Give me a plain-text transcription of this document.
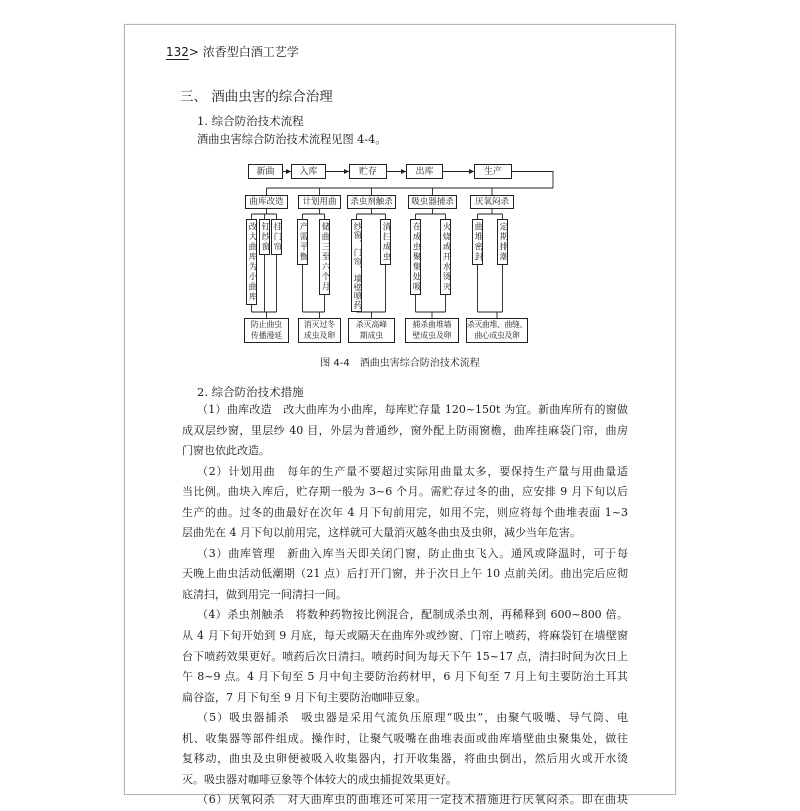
132> 浓香型白酒工艺学
三、 酒曲虫害的综合治理
1. 综合防治技术流程
酒曲虫害综合防治技术流程见图 4-4。
新曲	入库	贮存	出库	生产
曲库改造	计划用曲	杀虫剂触杀	吸虫器捕杀	厌氧闷杀
改大曲库为小曲库 钉纱窗 挂门帘 产需平衡 储曲三至六个月	纱窗、门帘、墙壁喷药 清扫成虫 在成虫聚集处吸 火烧或开水烫灭	曲堆密封 定期排潮
防止曲虫
传播漫延
消灭过冬
成虫及卵
杀灭高峰
期成虫
捕杀曲堆墙
壁成虫及卵
杀灭曲堆、曲缝、
曲心成虫及卵
图 4-4　酒曲虫害综合防治技术流程
2. 综合防治技术措施
（1）曲库改造　改大曲库为小曲库，每库贮存量 120~150t 为宜。新曲库所有的窗做
成双层纱窗，里层纱 40 目，外层为普通纱，窗外配上防雨窗檐，曲库挂麻袋门帘，曲房
门窗也依此改造。
（2）计划用曲　每年的生产量不要超过实际用曲量太多，要保持生产量与用曲量适
当比例。曲块入库后，贮存期一般为 3~6 个月。需贮存过冬的曲，应安排 9 月下旬以后
生产的曲。过冬的曲最好在次年 4 月下旬前用完，如用不完，则应将每个曲堆表面 1~3
层曲先在 4 月下旬以前用完，这样就可大量消灭越冬曲虫及虫卵，减少当年危害。
（3）曲库管理　新曲入库当天即关闭门窗，防止曲虫飞入。通风或降温时，可于每
天晚上曲虫活动低潮期（21 点）后打开门窗，并于次日上午 10 点前关闭。曲出完后应彻
底清扫，做到用完一间清扫一间。
（4）杀虫剂触杀　将数种药物按比例混合，配制成杀虫剂，再稀释到 600~800 倍。
从 4 月下旬开始到 9 月底，每天或隔天在曲库外或纱窗、门帘上喷药，将麻袋钉在墙壁窗
台下喷药效果更好。喷药后次日清扫。喷药时间为每天下午 15~17 点，清扫时间为次日上
午 8~9 点。4 月下旬至 5 月中旬主要防治药材甲，6 月下旬至 7 月上旬主要防治土耳其
扁谷盗，7 月下旬至 9 月下旬主要防治咖啡豆象。
（5）吸虫器捕杀　吸虫器是采用气流负压原理“吸虫”，由聚气吸嘴、导气筒、电
机、收集器等部件组成。操作时，让聚气吸嘴在曲堆表面或曲库墙壁曲虫聚集处，做往
复移动，曲虫及虫卵便被吸入收集器内，打开收集器，将曲虫倒出，然后用火或开水烫
灭。吸虫器对咖啡豆象等个体较大的成虫捕捉效果更好。
（6）厌氧闷杀　对大曲库虫的曲堆还可采用一定技术措施进行厌氧闷杀。即在曲块
